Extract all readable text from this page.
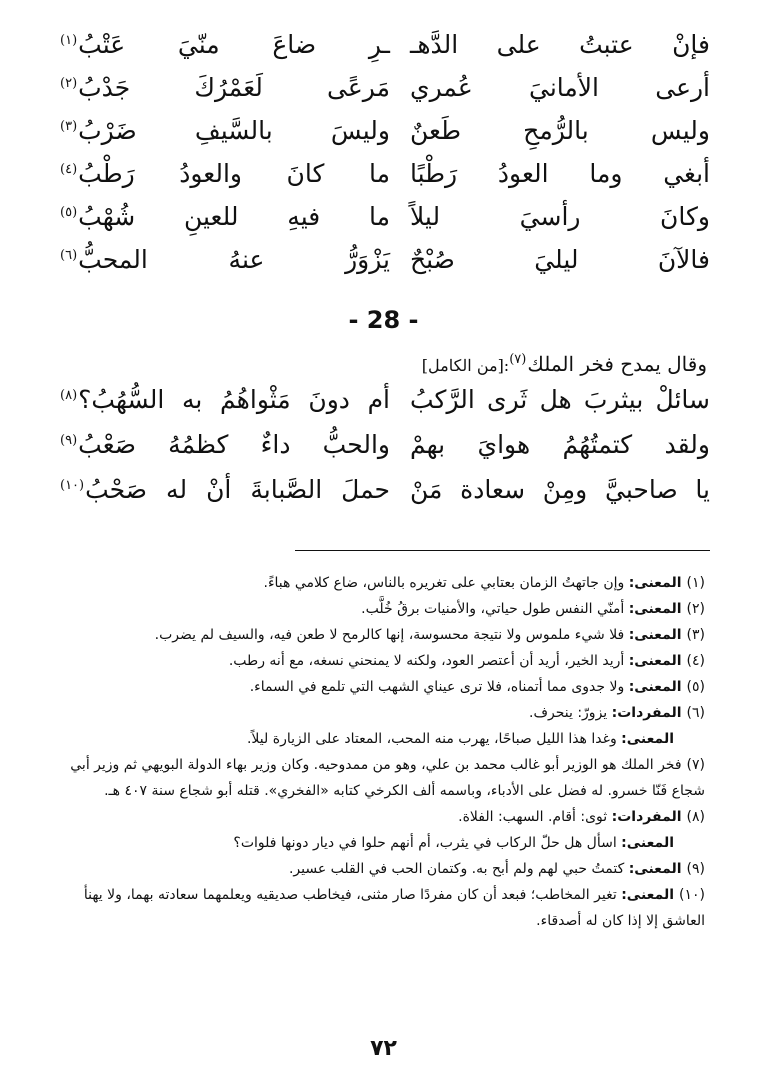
فإنْ عتبتُ على الدَّهـ
ـرِ ضاعَ منّيَ عَتْبُ$^{(١)}$
أرعى الأمانيَ عُمري
مَرعًى لَعَمْرُكَ جَدْبُ$^{(٢)}$
وليس بالرُّمحِ طَعنٌ
وليسَ بالسَّيفِ ضَرْبُ$^{(٣)}$
أبغي وما العودُ رَطْبًا
ما كانَ والعودُ رَطْبُ$^{(٤)}$
وكانَ رأسيَ ليلاً
ما فيهِ للعينِ شُهْبُ$^{(٥)}$
فالآنَ ليليَ صُبْحٌ
يَزْوَرُّ عنهُ المحبُّ$^{(٦)}$
- 28 -
وقال يمدح فخر الملك$^{(٧)}$:[من الكامل]
سائلْ بيثربَ هل ثَرى الرَّكبُ
أم دونَ مَثْواهُمُ به السُّهُبُ؟$^{(٨)}$
ولقد كتمتُهُمُ هوايَ بهمْ
والحبُّ داءٌ كظمُهُ صَعْبُ$^{(٩)}$
يا صاحبيَّ ومِنْ سعادة مَنْ
حملَ الصَّبابةَ أنْ له صَحْبُ$^{(١٠)}$
(١)المعنى: وإن جاتهتُ الزمان بعتابي على تغريره بالناس، ضاع كلامي هباءً.
(٢)المعنى: أمنّي النفس طول حياتي، والأمنيات برقُ خُلَّب.
(٣)المعنى: فلا شيء ملموس ولا نتيجة محسوسة، إنها كالرمح لا طعن فيه، والسيف لم يضرب.
(٤)المعنى: أريد الخير، أريد أن أعتصر العود، ولكنه لا يمنحني نسغه، مع أنه رطب.
(٥)المعنى: ولا جدوى مما أتمناه، فلا ترى عيناي الشهب التي تلمع في السماء.
(٦)المفردات: يزورّ: ينحرف.
المعنى: وغدا هذا الليل صباحًا، يهرب منه المحب، المعتاد على الزيارة ليلاً.
(٧)فخر الملك هو الوزير أبو غالب محمد بن علي، وهو من ممدوحيه. وكان وزير بهاء الدولة البويهي ثم وزير أبي شجاع فَنّا خسرو. له فضل على الأدباء، وباسمه ألف الكرخي كتابه «الفخري». قتله أبو شجاع سنة ٤٠٧ هـ.
(٨)المفردات: ثوى: أقام. السهب: الفلاة.
المعنى: اسأل هل حلّ الركاب في يثرب، أم أنهم حلوا في ديار دونها فلوات؟
(٩)المعنى: كتمتُ حبي لهم ولم أبح به. وكتمان الحب في القلب عسير.
(١٠)المعنى: تغير المخاطب؛ فبعد أن كان مفردًا صار مثنى، فيخاطب صديقيه ويعلمهما سعادته بهما، ولا يهنأ العاشق إلا إذا كان له أصدقاء.
٧٢
